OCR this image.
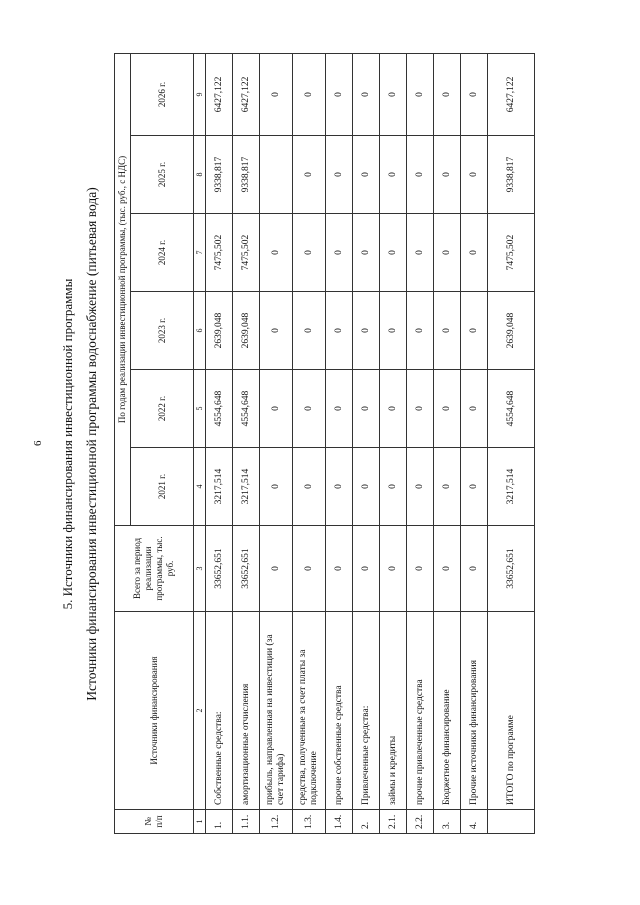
6 5. Источники финансирования инвестиционной программы Источники финансирования инвестиционной программы водоснабжение (питьевая вода)
№ п/п	Источники финансирования	Всего за период реализации программы, тыс. руб.	По годам реализации инвестиционной программы, (тыс. руб., с НДС)					
			2021 г.	2022 г.	2023 г.	2024 г.	2025 г.	2026 г.
1	2	3	4	5	6	7	8	9
1.	Собственные средства:	33652,651	3217,514	4554,648	2639,048	7475,502	9338,817	6427,122
1.1.	амортизационные отчисления	33652,651	3217,514	4554,648	2639,048	7475,502	9338,817	6427,122
1.2.	прибыль, направленная на инвестиции (за счет тарифа)	0	0	0	0	0		0
1.3.	средства, полученные за счет платы за подключение	0	0	0	0	0	0	0
1.4.	прочие собственные средства	0	0	0	0	0	0	0
2.	Привлеченные средства:	0	0	0	0	0	0	0
2.1.	займы и кредиты	0	0	0	0	0	0	0
2.2.	прочие привлеченные средства	0	0	0	0	0	0	0
3.	Бюджетное финансирование	0	0	0	0	0	0	0
4.	Прочие источники финансирования	0	0	0	0	0	0	0
	ИТОГО по программе	33652,651	3217,514	4554,648	2639,048	7475,502	9338,817	6427,122
